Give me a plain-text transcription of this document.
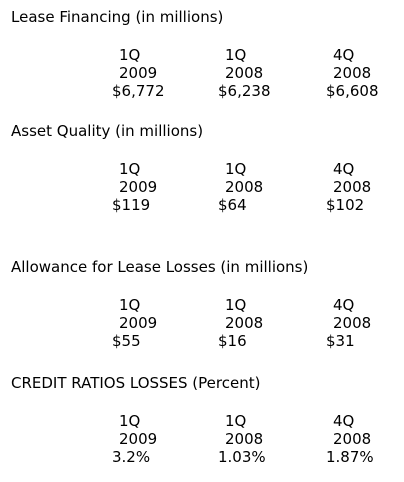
Lease Financing (in millions)
1Q
2009
$6,772
1Q
2008
$6,238
4Q
2008
$6,608
Asset Quality (in millions)
1Q
2009
$119
1Q
2008
$64
4Q
2008
$102
Allowance for Lease Losses (in millions)
1Q
2009
$55
1Q
2008
$16
4Q
2008
$31
CREDIT RATIOS LOSSES (Percent)
1Q
2009
3.2%
1Q
2008
1.03%
4Q
2008
1.87%
